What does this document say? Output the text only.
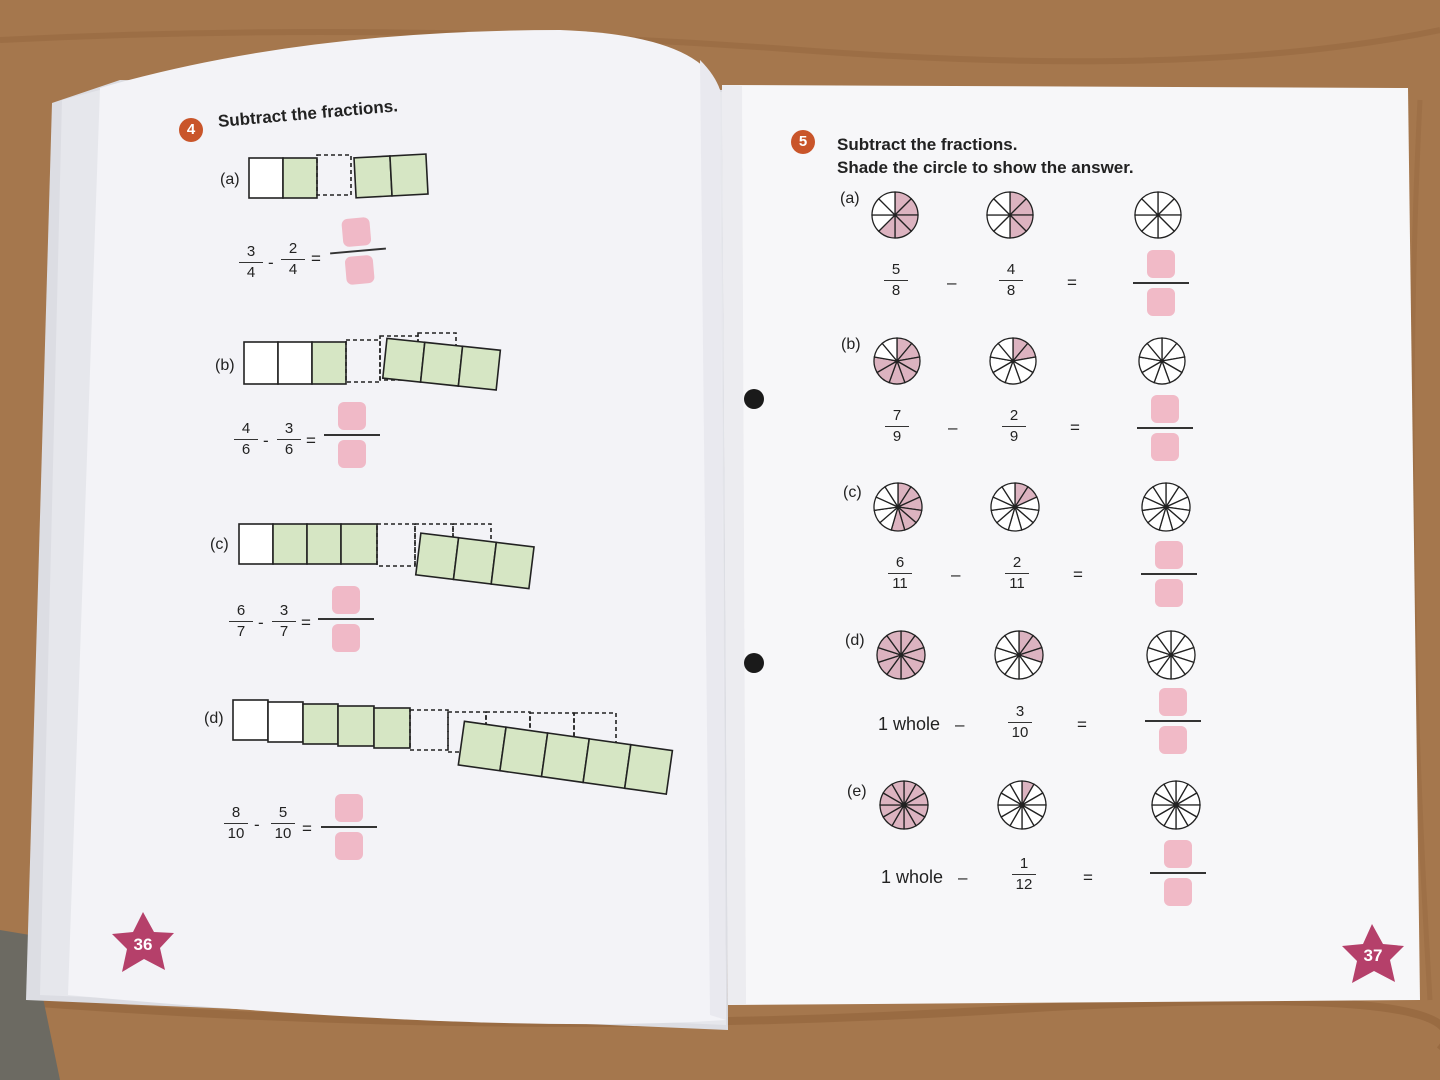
4	Subtract the fractions.
(a)
3
4
-
2
4
=
(b)
4
6 -
3
6 =
(c)
6
7 -
3
7 =
(d)
8
10 -
5
10 =
36
5	Subtract the fractions.
Shade the circle to show the answer.
(a)
5
8	–
4
8	=
(b)
7
9	–
2
9	=
(c)
6
11	–
2
11	=
(d)
1 whole –
3
10	=
(e)
1 whole –
1
12	=
37
